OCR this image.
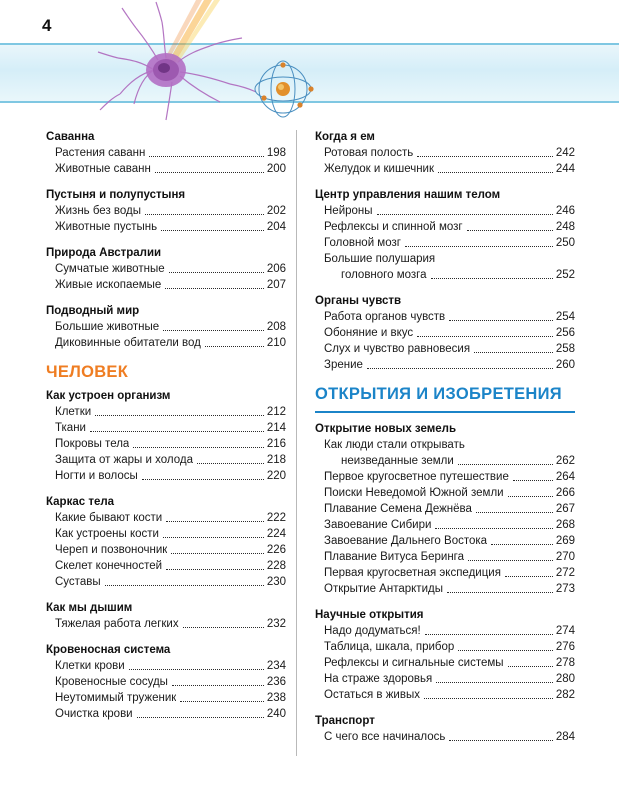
4
Саванна
Растения саванн	198
Животные саванн	200
Пустыня и полупустыня
Жизнь без воды	202
Животные пустынь	204
Природа Австралии
Сумчатые животные	206
Живые ископаемые	207
Подводный мир
Большие животные	208
Диковинные обитатели вод	210
ЧЕЛОВЕК
Как устроен организм
Клетки	212
Ткани	214
Покровы тела	216
Защита от жары и холода	218
Ногти и волосы	220
Каркас тела
Какие бывают кости	222
Как устроены кости	224
Череп и позвоночник	226
Скелет конечностей	228
Суставы	230
Как мы дышим
Тяжелая работа легких	232
Кровеносная система
Клетки крови	234
Кровеносные сосуды	236
Неутомимый труженик	238
Очистка крови	240
Когда я ем
Ротовая полость	242
Желудок и кишечник	244
Центр управления нашим телом
Нейроны	246
Рефлексы и спинной мозг	248
Головной мозг	250
Большие полушария
головного мозга	252
Органы чувств
Работа органов чувств	254
Обоняние и вкус	256
Слух и чувство равновесия	258
Зрение	260
ОТКРЫТИЯ И ИЗОБРЕТЕНИЯ
Открытие новых земель
Как люди стали открывать
неизведанные земли	262
Первое кругосветное путешествие	264
Поиски Неведомой Южной земли	266
Плавание Семена Дежнёва	267
Завоевание Сибири	268
Завоевание Дальнего Востока	269
Плавание Витуса Беринга	270
Первая кругосветная экспедиция	272
Открытие Антарктиды	273
Научные открытия
Надо додуматься!	274
Таблица, шкала, прибор	276
Рефлексы и сигнальные системы	278
На страже здоровья	280
Остаться в живых	282
Транспорт
С чего все начиналось	284
